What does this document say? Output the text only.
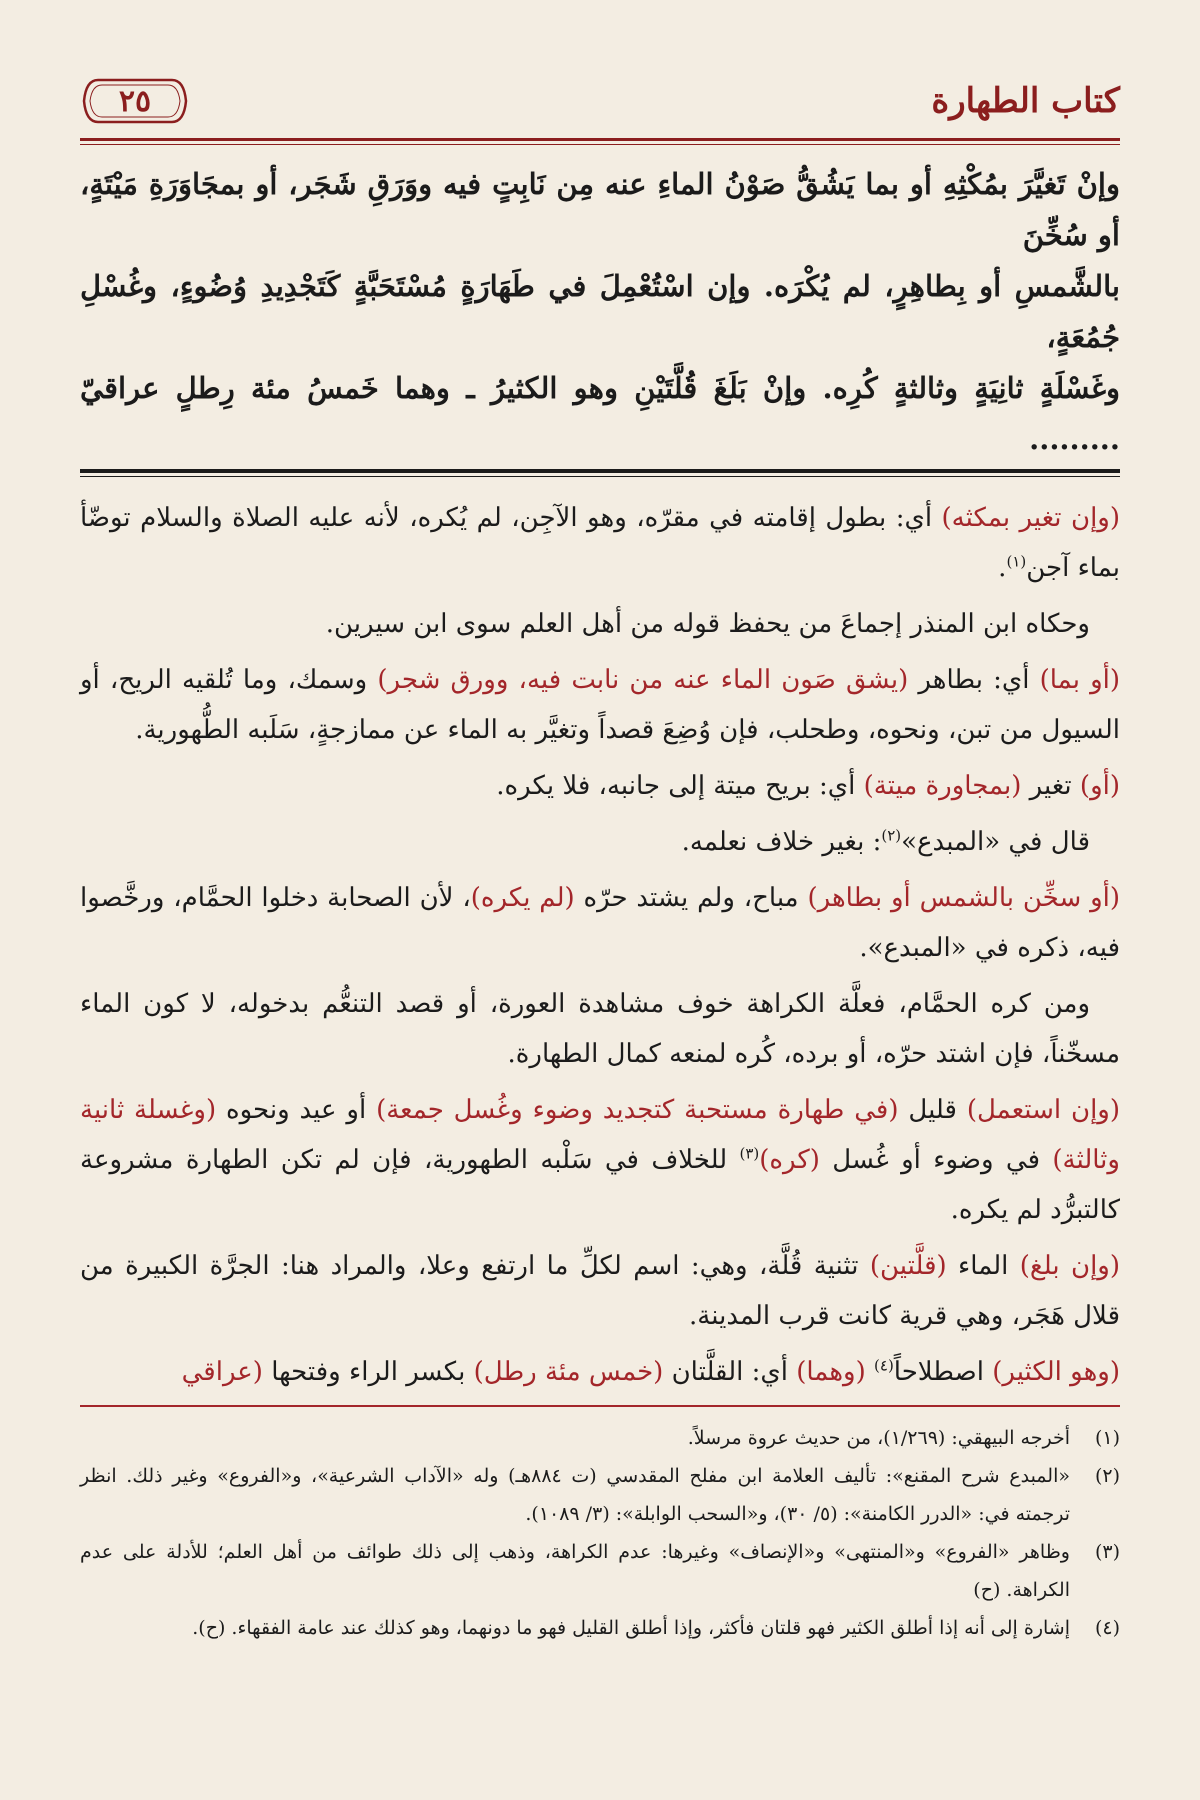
كتاب الطهارة
٢٥

وإنْ تَغيَّرَ بمُكْثِهِ أو بما يَشُقُّ صَوْنُ الماءِ عنه مِن نَابِتٍ فيه ووَرَقِ شَجَر، أو بمجَاوَرَةِ مَيْتَةٍ، أو سُخِّنَ

بالشَّمسِ أو بِطاهِرٍ، لم يُكْرَه. وإن اسْتُعْمِلَ في طَهَارَةٍ مُسْتَحَبَّةٍ كَتَجْدِيدِ وُضُوءٍ، وغُسْلِ جُمُعَةٍ،

وغَسْلَةٍ ثانِيَةٍ وثالثةٍ كُرِه. وإنْ بَلَغَ قُلَّتَيْنِ وهو الكثيرُ ـ وهما خَمسُ مئة رِطلٍ عراقيّ .........

(وإن تغير بمكثه) أي: بطول إقامته في مقرّه، وهو الآجِن، لم يُكره، لأنه عليه الصلاة والسلام توضّأ بماء آجن$^{(١)}$.

وحكاه ابن المنذر إجماعَ من يحفظ قوله من أهل العلم سوى ابن سيرين.

(أو بما) أي: بطاهر (يشق صَون الماء عنه من نابت فيه، وورق شجر) وسمك، وما تُلقيه الريح، أو السيول من تبن، ونحوه، وطحلب، فإن وُضِعَ قصداً وتغيَّر به الماء عن ممازجةٍ، سَلَبه الطُّهورية.

(أو) تغير (بمجاورة ميتة) أي: بريح ميتة إلى جانبه، فلا يكره.

قال في «المبدع»$^{(٢)}$: بغير خلاف نعلمه.

(أو سخِّن بالشمس أو بطاهر) مباح، ولم يشتد حرّه (لم يكره)، لأن الصحابة دخلوا الحمَّام، ورخَّصوا فيه، ذكره في «المبدع».

ومن كره الحمَّام، فعلَّة الكراهة خوف مشاهدة العورة، أو قصد التنعُّم بدخوله، لا كون الماء مسخّناً، فإن اشتد حرّه، أو برده، كُره لمنعه كمال الطهارة.

(وإن استعمل) قليل (في طهارة مستحبة كتجديد وضوء وغُسل جمعة) أو عيد ونحوه (وغسلة ثانية وثالثة) في وضوء أو غُسل (كره)$^{(٣)}$ للخلاف في سَلْبه الطهورية، فإن لم تكن الطهارة مشروعة كالتبرُّد لم يكره.

(وإن بلغ) الماء (قلَّتين) تثنية قُلَّة، وهي: اسم لكلِّ ما ارتفع وعلا، والمراد هنا: الجرَّة الكبيرة من قلال هَجَر، وهي قرية كانت قرب المدينة.

(وهو الكثير) اصطلاحاً$^{(٤)}$ (وهما) أي: القلَّتان (خمس مئة رطل) بكسر الراء وفتحها (عراقي

(١)
أخرجه البيهقي: (١/٢٦٩)، من حديث عروة مرسلاً.
(٢)
«المبدع شرح المقنع»: تأليف العلامة ابن مفلح المقدسي (ت ٨٨٤هـ) وله «الآداب الشرعية»، و«الفروع» وغير ذلك. انظر ترجمته في: «الدرر الكامنة»: (٥/ ٣٠)، و«السحب الوابلة»: (٣/ ١٠٨٩).
(٣)
وظاهر «الفروع» و«المنتهى» و«الإنصاف» وغيرها: عدم الكراهة، وذهب إلى ذلك طوائف من أهل العلم؛ للأدلة على عدم الكراهة. (ح)
(٤)
إشارة إلى أنه إذا أطلق الكثير فهو قلتان فأكثر، وإذا أطلق القليل فهو ما دونهما، وهو كذلك عند عامة الفقهاء. (ح).
